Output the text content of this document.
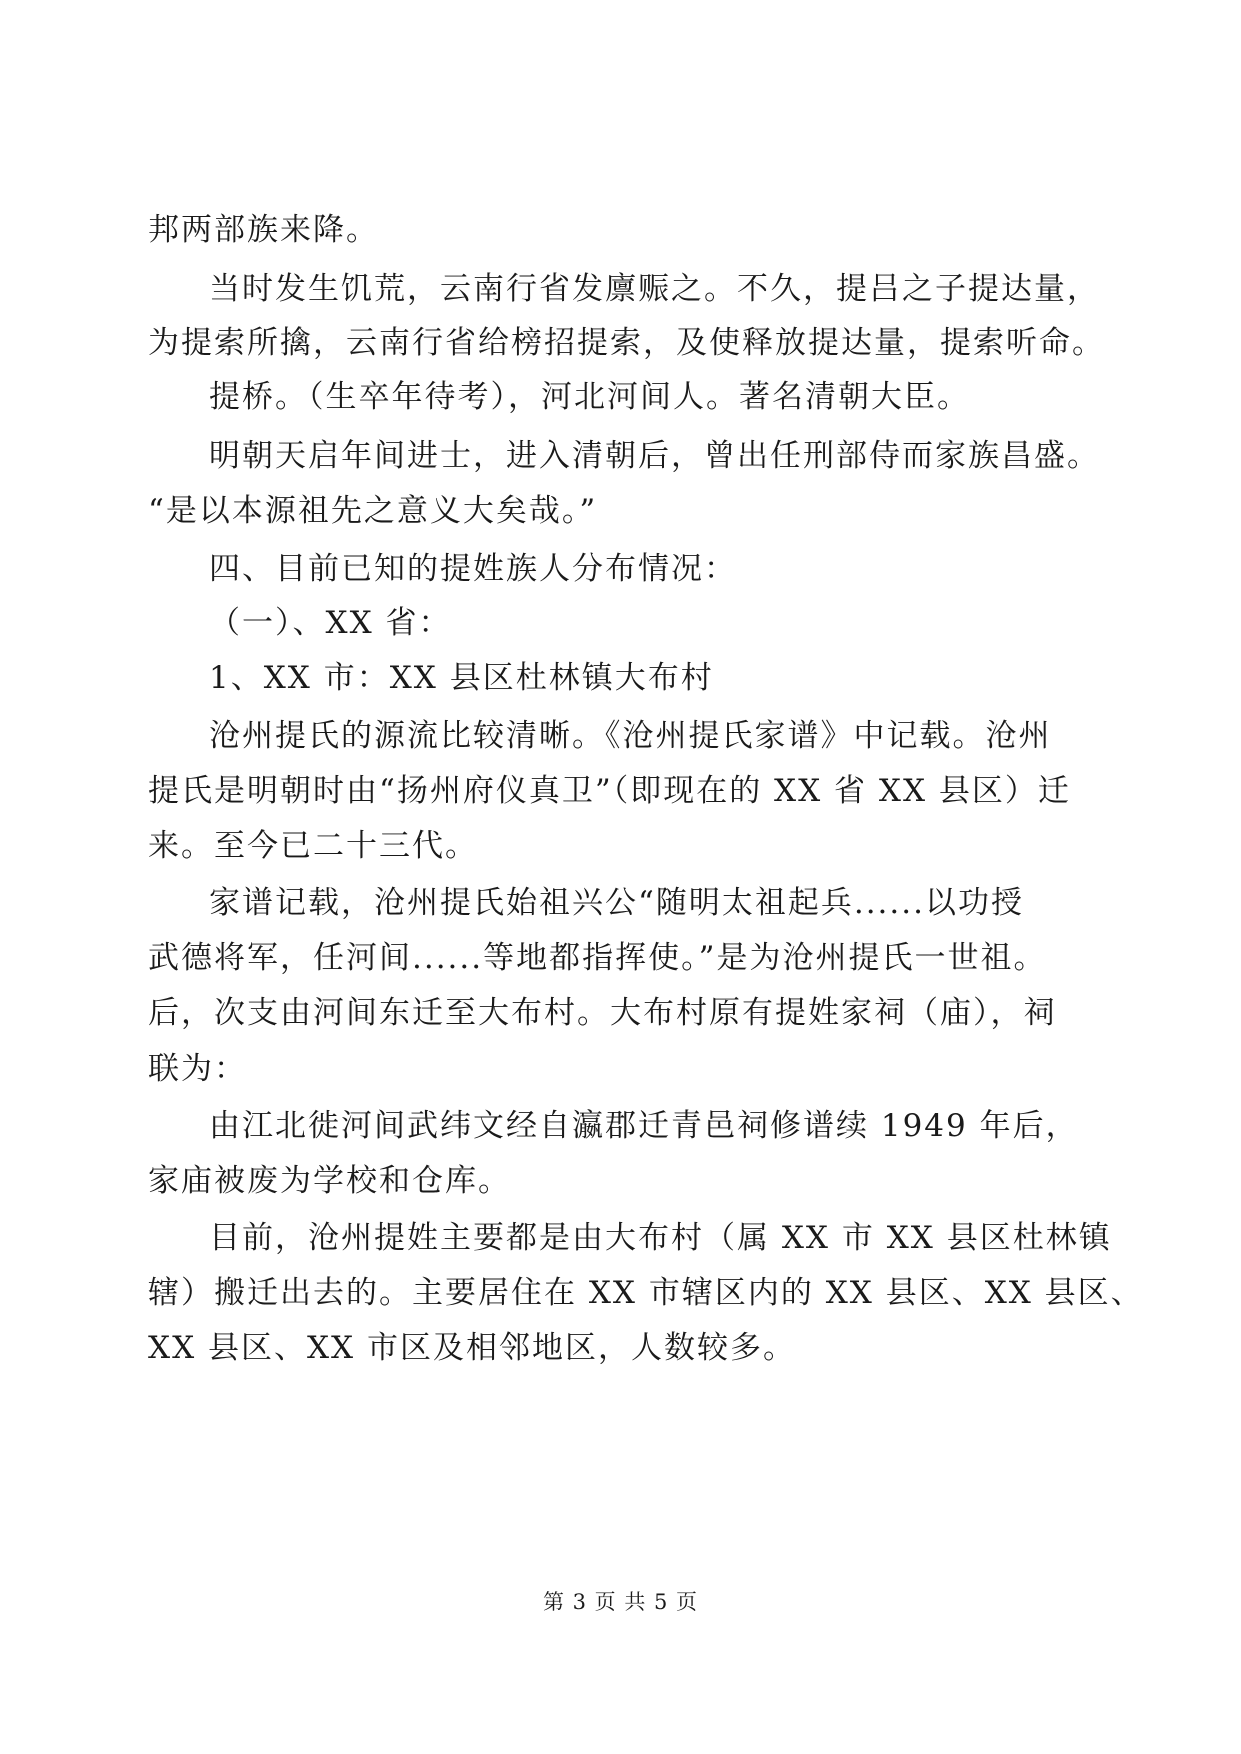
邦两部族来降。
当时发生饥荒，云南行省发廪赈之。不久，提吕之子提达量，
为提索所擒，云南行省给榜招提索，及使释放提达量，提索听命。
提桥。（生卒年待考），河北河间人。著名清朝大臣。
明朝天启年间进士，进入清朝后，曾出任刑部侍而家族昌盛。
“是以本源祖先之意义大矣哉。”
四、目前已知的提姓族人分布情况：
（一）、XX 省：
1、XX 市：XX 县区杜林镇大布村
沧州提氏的源流比较清晰。《沧州提氏家谱》中记载。沧州
提氏是明朝时由“扬州府仪真卫”（即现在的 XX 省 XX 县区）迁
来。至今已二十三代。
家谱记载，沧州提氏始祖兴公“随明太祖起兵......以功授
武德将军，任河间......等地都指挥使。”是为沧州提氏一世祖。
后，次支由河间东迁至大布村。大布村原有提姓家祠（庙），祠
联为：
由江北徙河间武纬文经自瀛郡迁青邑祠修谱续 1949 年后，
家庙被废为学校和仓库。
目前，沧州提姓主要都是由大布村（属 XX 市 XX 县区杜林镇
辖）搬迁出去的。主要居住在 XX 市辖区内的 XX 县区、XX 县区、
XX 县区、XX 市区及相邻地区，人数较多。
第 3 页 共 5 页
